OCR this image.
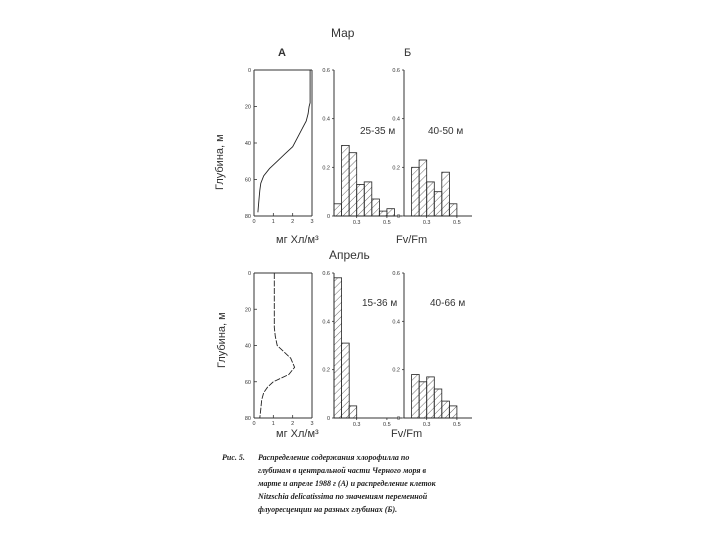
0	1	2	3
0
20
40
60
80
0.3	0.5
0
0.2
0.4
0.6
25-35 м
0.3	0.5
0
0.2
0.4
0.6
40-50 м
0	1	2	3
0
20
40
60
80
0.3	0.5
0
0.2
0.4
0.6
15-36 м
0.3	0.5
0
0.2
0.4
0.6
40-66 м
Мар
А	Б
Апрель
Глубина, м
Глубина, м
мг Хл/м³
мг Хл/м³
Fv/Fm
Fv/Fm
Рис. 5. Распределение содержания хлорофилла по
глубинам в центральной части Черного моря в
марте и апреле 1988 г (А) и распределение клеток
Nitzschia delicatissima по значениям переменной
флуоресценции на разных глубинах (Б).
